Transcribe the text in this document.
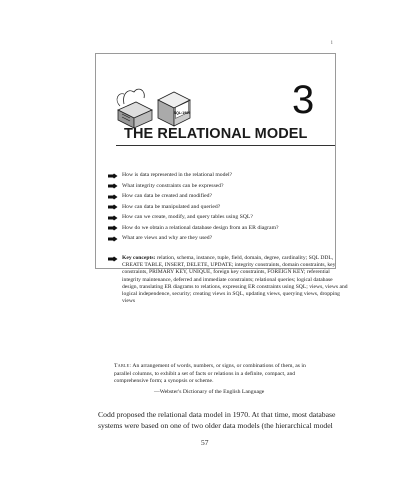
i
SQL:1999	3
THE RELATIONAL MODEL
How is data represented in the relational model?
What integrity constraints can be expressed?
How can data be created and modified?
How can data be manipulated and queried?
How can we create, modify, and query tables using SQL?
How do we obtain a relational database design from an ER diagram?
What are views and why are they used?
Key concepts: relation, schema, instance, tuple, field, domain, degree, cardinality; SQL DDL, CREATE TABLE, INSERT, DELETE, UPDATE; integrity constraints, domain constraints, key constraints, PRIMARY KEY, UNIQUE, foreign key constraints, FOREIGN KEY; referential integrity maintenance, deferred and immediate constraints; relational queries; logical database design, translating ER diagrams to relations, expressing ER constraints using SQL; views, views and logical independence, security; creating views in SQL, updating views, querying views, dropping views
Table: An arrangement of words, numbers, or signs, or combinations of them, as in parallel columns, to exhibit a set of facts or relations in a definite, compact, and comprehensive form; a synopsis or scheme.
—Webster's Dictionary of the English Language
Codd proposed the relational data model in 1970. At that time, most database systems were based on one of two older data models (the hierarchical model
57
